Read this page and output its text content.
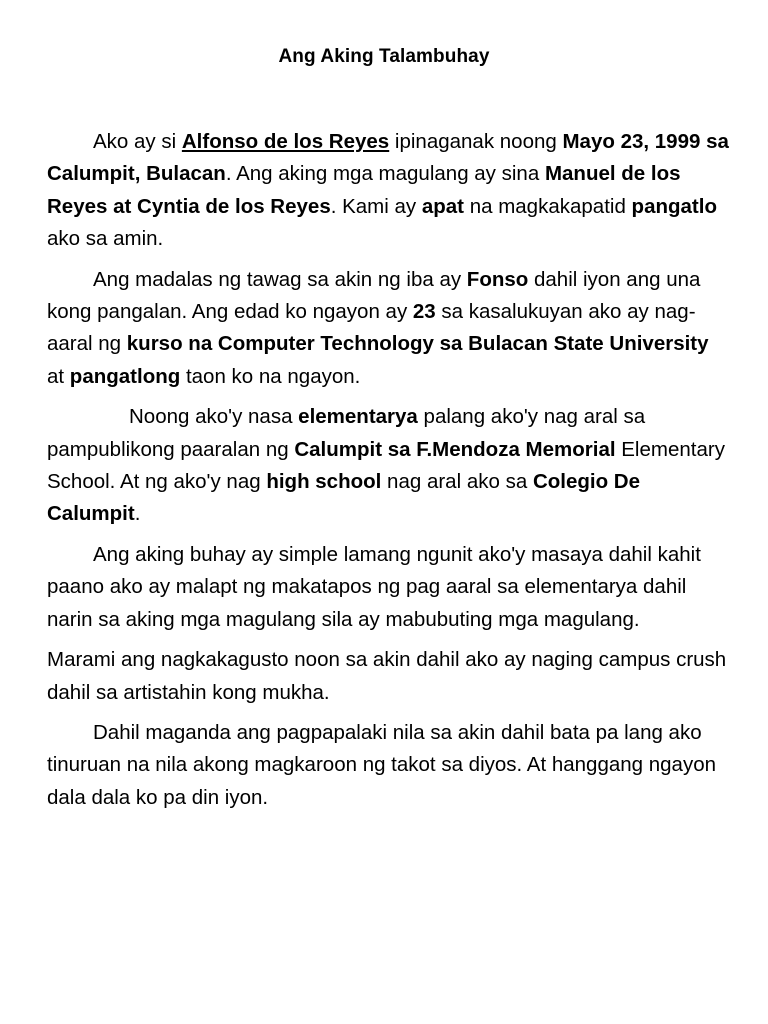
Ang Aking Talambuhay

Ako ay si Alfonso de los Reyes ipinaganak noong Mayo 23, 1999 sa Calumpit, Bulacan. Ang aking mga magulang ay sina Manuel de los Reyes at Cyntia de los Reyes. Kami ay apat na magkakapatid pangatlo ako sa amin.

Ang madalas ng tawag sa akin ng iba ay Fonso dahil iyon ang una kong pangalan. Ang edad ko ngayon ay 23 sa kasalukuyan ako ay nag-aaral ng kurso na Computer Technology sa Bulacan State University at pangatlong taon ko na ngayon.

Noong ako'y nasa elementarya palang ako'y nag aral sa pampublikong paaralan ng Calumpit sa F.Mendoza Memorial Elementary School. At ng ako'y nag high school nag aral ako sa Colegio De Calumpit.

Ang aking buhay ay simple lamang ngunit ako'y masaya dahil kahit paano ako ay malapt ng makatapos ng pag aaral sa elementarya dahil narin sa aking mga magulang sila ay mabubuting mga magulang.

Marami ang nagkakagusto noon sa akin dahil ako ay naging campus crush dahil sa artistahin kong mukha.

Dahil maganda ang pagpapalaki nila sa akin dahil bata pa lang ako tinuruan na nila akong magkaroon ng takot sa diyos. At hanggang ngayon dala dala ko pa din iyon.
